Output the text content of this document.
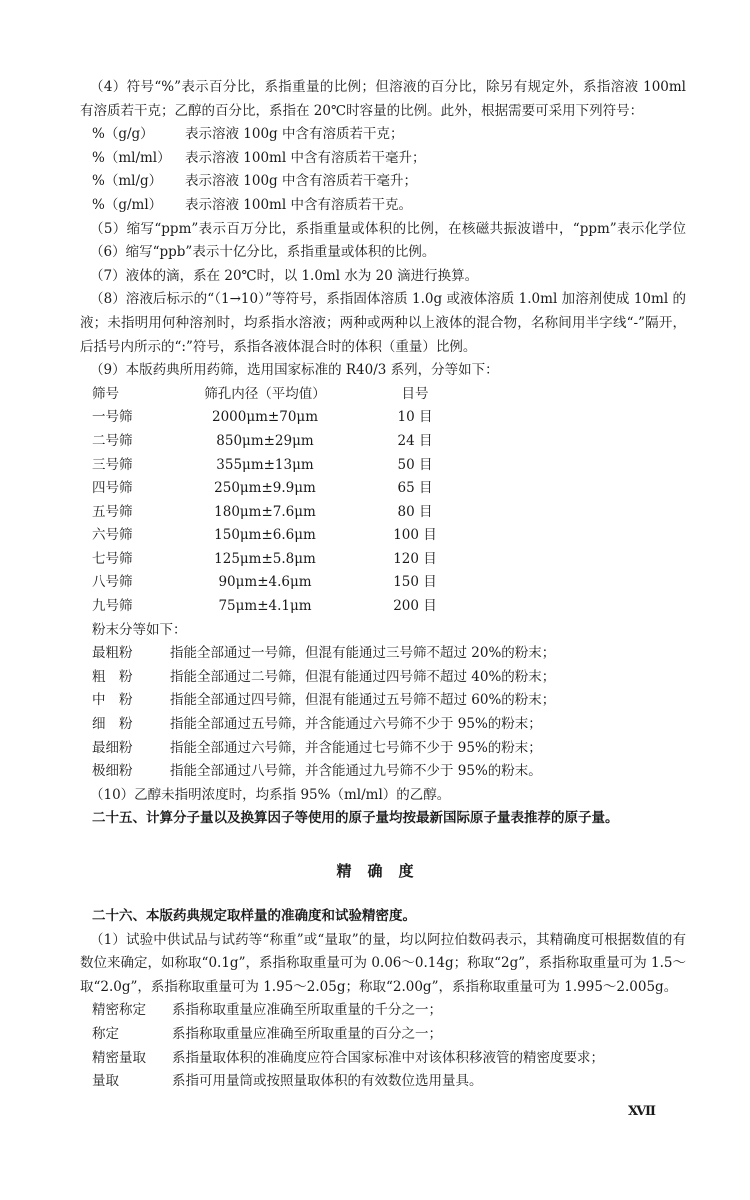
（4）符号“%”表示百分比，系指重量的比例；但溶液的百分比，除另有规定外，系指溶液 100ml
有溶质若干克；乙醇的百分比，系指在 20℃时容量的比例。此外，根据需要可采用下列符号：
%（g/g）	表示溶液 100g 中含有溶质若干克；
%（ml/ml）	表示溶液 100ml 中含有溶质若干毫升；
%（ml/g）	表示溶液 100g 中含有溶质若干毫升；
%（g/ml）	表示溶液 100ml 中含有溶质若干克。
（5）缩写“ppm”表示百万分比，系指重量或体积的比例，在核磁共振波谱中，“ppm”表示化学位
（6）缩写“ppb”表示十亿分比，系指重量或体积的比例。
（7）液体的滴，系在 20℃时，以 1.0ml 水为 20 滴进行换算。
（8）溶液后标示的“（1→10）”等符号，系指固体溶质 1.0g 或液体溶质 1.0ml 加溶剂使成 10ml 的
液；未指明用何种溶剂时，均系指水溶液；两种或两种以上液体的混合物，名称间用半字线“-”隔开，
后括号内所示的“:”符号，系指各液体混合时的体积（重量）比例。
（9）本版药典所用药筛，选用国家标准的 R40/3 系列，分等如下：
筛号	筛孔内径（平均值）	目号
一号筛	2000μm±70μm	10 目
二号筛	850μm±29μm	24 目
三号筛	355μm±13μm	50 目
四号筛	250μm±9.9μm	65 目
五号筛	180μm±7.6μm	80 目
六号筛	150μm±6.6μm	100 目
七号筛	125μm±5.8μm	120 目
八号筛	90μm±4.6μm	150 目
九号筛	75μm±4.1μm	200 目
粉末分等如下：
最粗粉	指能全部通过一号筛，但混有能通过三号筛不超过 20%的粉末；
粗　粉	指能全部通过二号筛，但混有能通过四号筛不超过 40%的粉末；
中　粉	指能全部通过四号筛，但混有能通过五号筛不超过 60%的粉末；
细　粉	指能全部通过五号筛，并含能通过六号筛不少于 95%的粉末；
最细粉	指能全部通过六号筛，并含能通过七号筛不少于 95%的粉末；
极细粉	指能全部通过八号筛，并含能通过九号筛不少于 95%的粉末。
（10）乙醇未指明浓度时，均系指 95%（ml/ml）的乙醇。
二十五、计算分子量以及换算因子等使用的原子量均按最新国际原子量表推荐的原子量。
精确度
二十六、本版药典规定取样量的准确度和试验精密度。
（1）试验中供试品与试药等“称重”或“量取”的量，均以阿拉伯数码表示，其精确度可根据数值的有
数位来确定，如称取“0.1g”，系指称取重量可为 0.06～0.14g；称取“2g”，系指称取重量可为 1.5～
取“2.0g”，系指称取重量可为 1.95～2.05g；称取“2.00g”，系指称取重量可为 1.995～2.005g。
精密称定	系指称取重量应准确至所取重量的千分之一；
称定	系指称取重量应准确至所取重量的百分之一；
精密量取	系指量取体积的准确度应符合国家标准中对该体积移液管的精密度要求；
量取	系指可用量筒或按照量取体积的有效数位选用量具。
XⅦ
